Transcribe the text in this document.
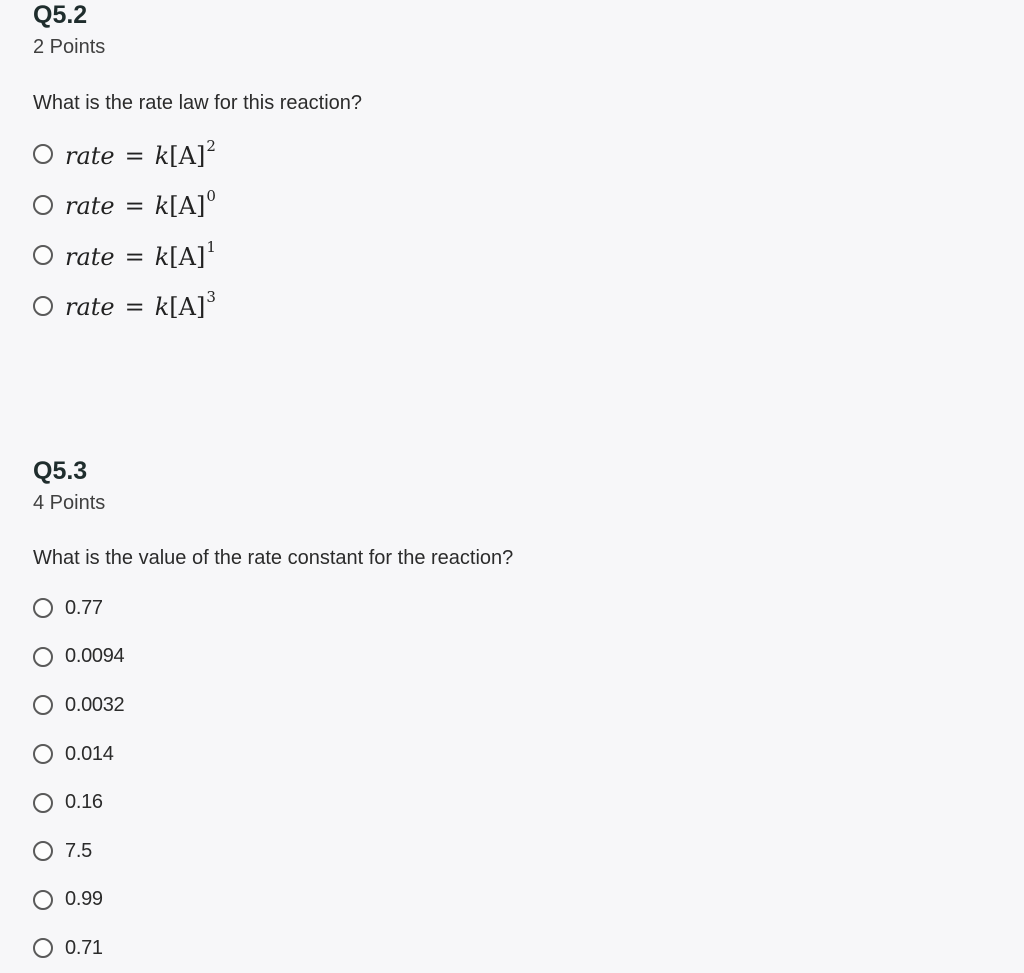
Q5.2
2 Points
What is the rate law for this reaction?
rate = $k[A]^2$
rate = $k[A]^0$
rate = $k[A]^1$
rate = $k[A]^3$
Q5.3
4 Points
What is the value of the rate constant for the reaction?
0.77
0.0094
0.0032
0.014
0.16
7.5
0.99
0.71
